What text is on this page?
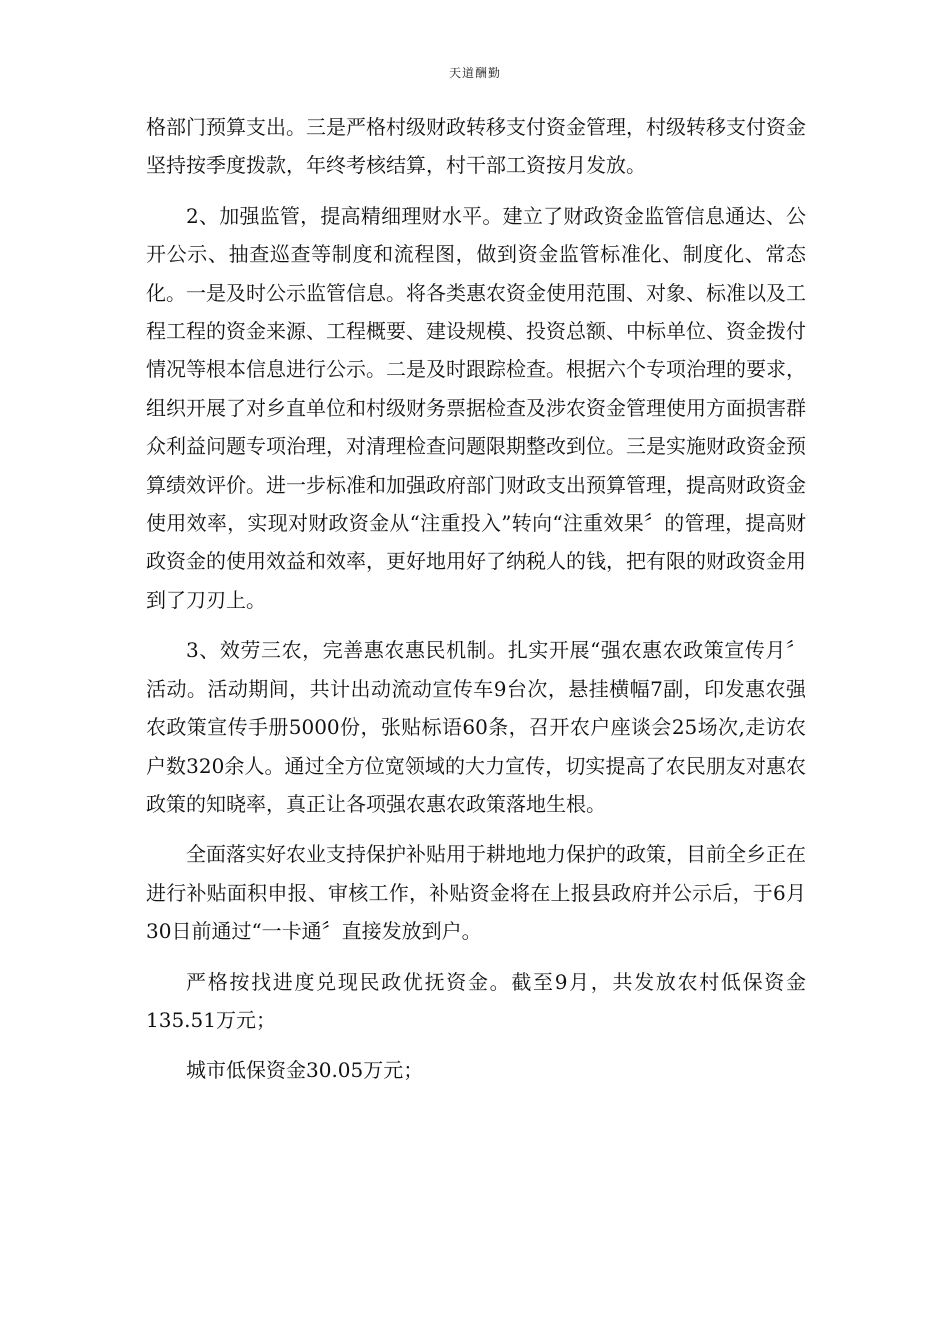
天道酬勤

格部门预算支出。三是严格村级财政转移支付资金管理，村级转移支付资金坚持按季度拨款，年终考核结算，村干部工资按月发放。

2、加强监管，提高精细理财水平。建立了财政资金监管信息通达、公开公示、抽查巡查等制度和流程图，做到资金监管标准化、制度化、常态化。一是及时公示监管信息。将各类惠农资金使用范围、对象、标准以及工程工程的资金来源、工程概要、建设规模、投资总额、中标单位、资金拨付情况等根本信息进行公示。二是及时跟踪检查。根据六个专项治理的要求，组织开展了对乡直单位和村级财务票据检查及涉农资金管理使用方面损害群众利益问题专项治理，对清理检查问题限期整改到位。三是实施财政资金预算绩效评价。进一步标准和加强政府部门财政支出预算管理，提高财政资金使用效率，实现对财政资金从“注重投入”转向“注重效果〞的管理，提高财政资金的使用效益和效率，更好地用好了纳税人的钱，把有限的财政资金用到了刀刃上。

3、效劳三农，完善惠农惠民机制。扎实开展“强农惠农政策宣传月〞活动。活动期间，共计出动流动宣传车9台次，悬挂横幅7副，印发惠农强农政策宣传手册5000份，张贴标语60条，召开农户座谈会25场次,走访农户数320余人。通过全方位宽领域的大力宣传，切实提高了农民朋友对惠农政策的知晓率，真正让各项强农惠农政策落地生根。

全面落实好农业支持保护补贴用于耕地地力保护的政策，目前全乡正在进行补贴面积申报、审核工作，补贴资金将在上报县政府并公示后，于6月30日前通过“一卡通〞直接发放到户。

严格按找进度兑现民政优抚资金。截至9月，共发放农村低保资金135.51万元；

城市低保资金30.05万元；
